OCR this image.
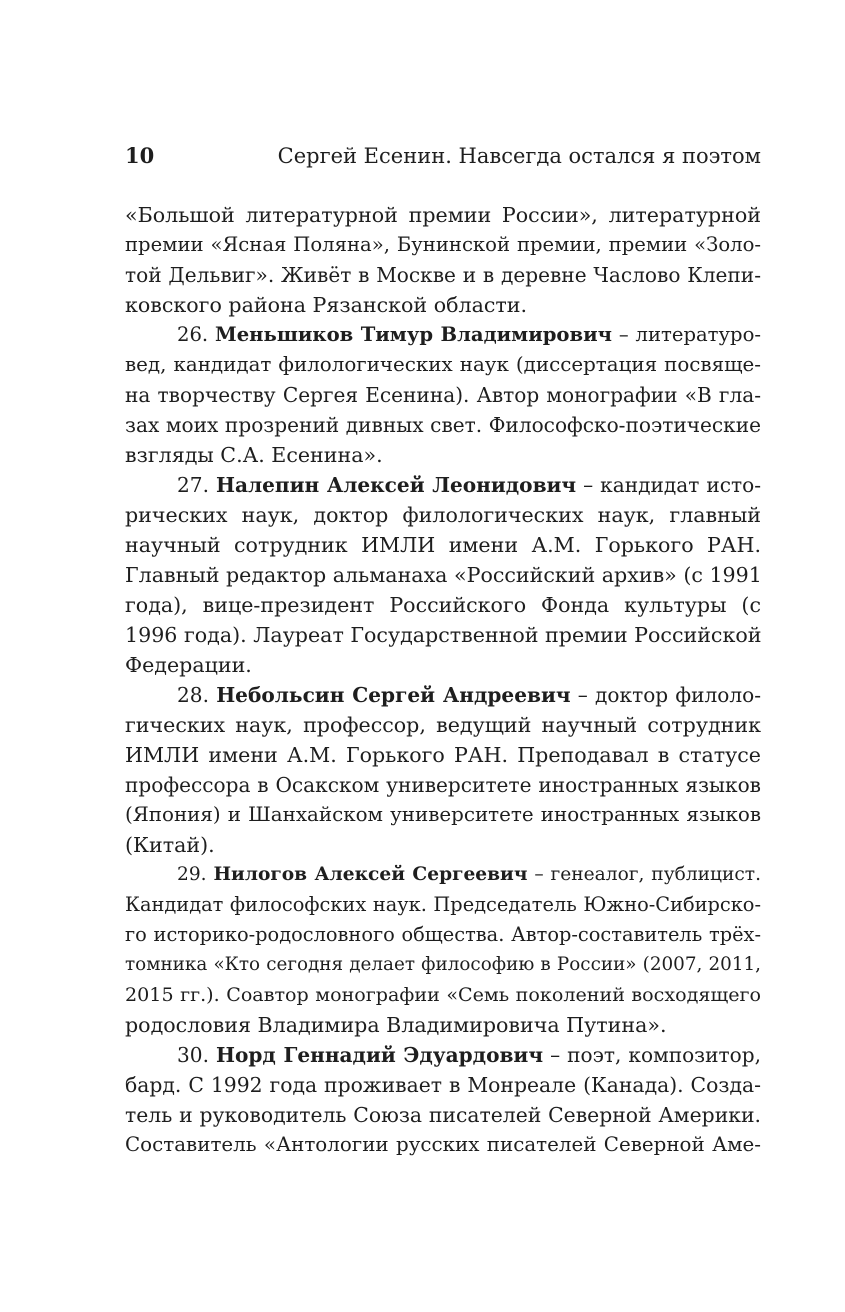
10	Сергей Есенин. Навсегда остался я поэтом
«Большой литературной премии России», литературной
премии «Ясная Поляна», Бунинской премии, премии «Золо-
той Дельвиг». Живёт в Москве и в деревне Часлово Клепи-
ковского района Рязанской области.
26. Меньшиков Тимур Владимирович – литературо-
вед, кандидат филологических наук (диссертация посвяще-
на творчеству Сергея Есенина). Автор монографии «В гла-
зах моих прозрений дивных свет. Философско-поэтические
взгляды С.А. Есенина».
27. Налепин Алексей Леонидович – кандидат исто-
рических наук, доктор филологических наук, главный
научный сотрудник ИМЛИ имени А.М. Горького РАН.
Главный редактор альманаха «Российский архив» (с 1991
года), вице-президент Российского Фонда культуры (с
1996 года). Лауреат Государственной премии Российской
Федерации.
28. Небольсин Сергей Андреевич – доктор филоло-
гических наук, профессор, ведущий научный сотрудник
ИМЛИ имени А.М. Горького РАН. Преподавал в статусе
профессора в Осакском университете иностранных языков
(Япония) и Шанхайском университете иностранных языков
(Китай).
29. Нилогов Алексей Сергеевич – генеалог, публицист.
Кандидат философских наук. Председатель Южно-Сибирско-
го историко-родословного общества. Автор-составитель трёх-
томника «Кто сегодня делает философию в России» (2007, 2011,
2015 гг.). Соавтор монографии «Семь поколений восходящего
родословия Владимира Владимировича Путина».
30. Норд Геннадий Эдуардович – поэт, композитор,
бард. С 1992 года проживает в Монреале (Канада). Созда-
тель и руководитель Союза писателей Северной Америки.
Составитель «Антологии русских писателей Северной Аме-
